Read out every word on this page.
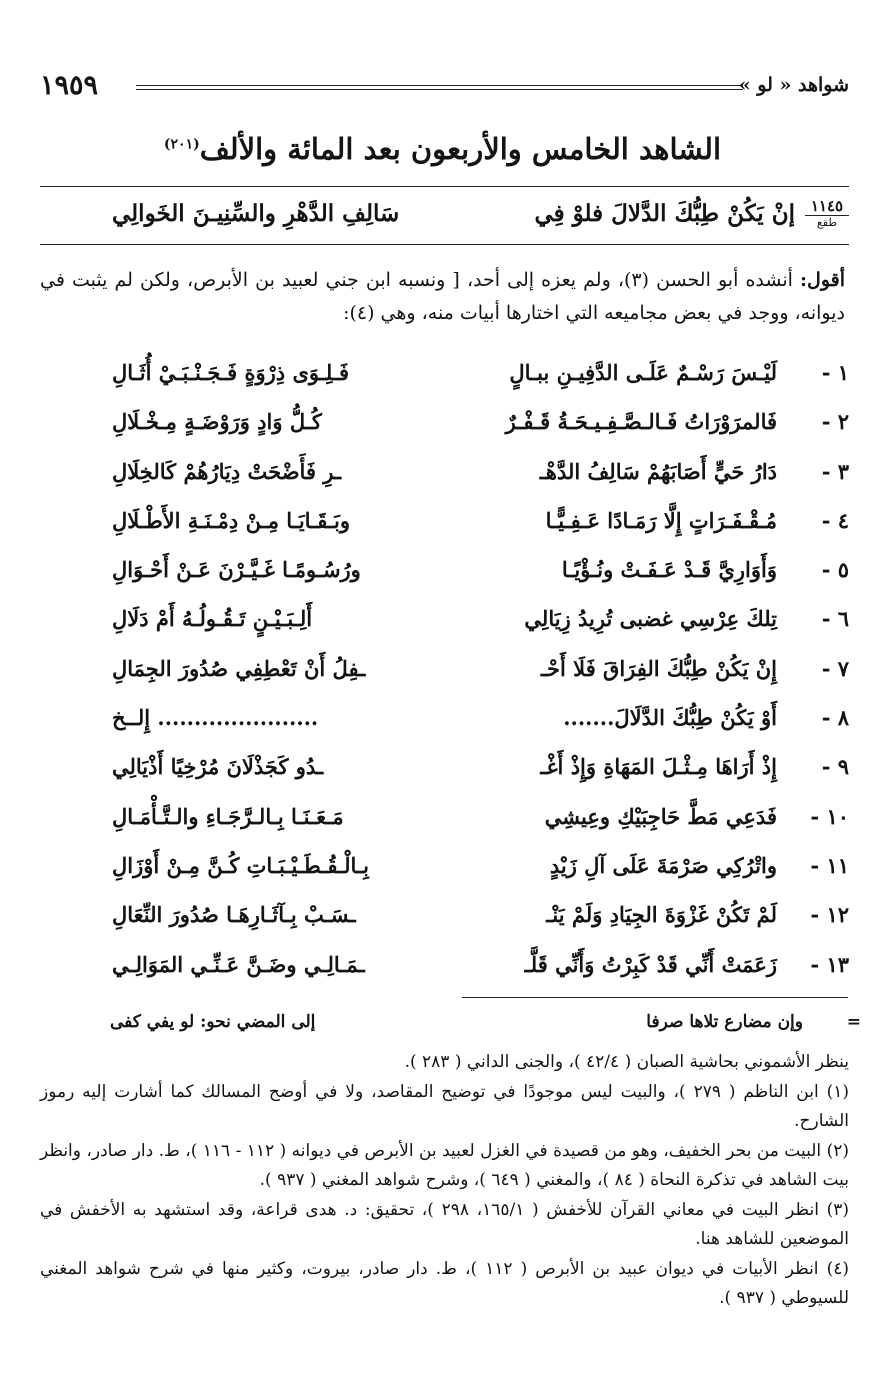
شواهد « لو »
١٩٥٩
الشاهد الخامس والأربعون بعد المائة والألف$^{(٢٠١)}$
١١٤٥
طقع
إنْ يَكُنْ طِبُّكَ الدَّلالَ فلوْ فِي
سَالِفِ الدَّهْرِ والسِّنِيـنَ الخَوالِي
أقول: أنشده أبو الحسن (٣)، ولم يعزه إلى أحد، [ ونسبه ابن جني لعبيد بن الأبرص، ولكن لم يثبت في ديوانه، ووجد في بعض مجاميعه التي اختارها أبيات منه، وهي (٤):
١ -
لَيْـسَ رَسْـمٌ عَلَـى الدَّفِيـنِ ببـالٍ
فَـلِـوَى ذِرْوَةٍ فَـجَـنْـبَـيْ أُثَـالِ
٢ -
فَالمرَوْرَاتُ فَـالـصَّـفِـيـحَـةُ قَـفْـرٌ
كُـلُّ وَادٍ وَرَوْضَـةٍ مِـخْـلَالِ
٣ -
دَارُ حَيٍّ أَصَابَهُمْ سَالِفُ الدَّهْـ
ـرِ فَأَضْحَتْ دِيَارُهُمْ كَالخِلَالِ
٤ -
مُـقْـفَـرَاتٍ إِلَّا رَمَـادًا عَـفِـيًّـا
وبَـقَـايَـا مِـنْ دِمْـنَـةِ الأَطْـلَالِ
٥ -
وَأَوَارِيَّ قَـدْ عَـفَـتْ ونُـؤْيًـا
ورُسُـومًـا غَـيَّـرْنَ عَـنْ أَحْـوَالِ
٦ -
تِلكَ عِرْسِي غضبى تُرِيدُ زِيَالِي
أَلِـبَـيْـنٍ تَـقُـولُـهُ أَمْ دَلَالِ
٧ -
إِنْ يَكُنْ طِبُّكَ الفِرَاقَ فَلَا أَحْـ
ـفِلُ أَنْ تَعْطِفِي صُدُورَ الجِمَالِ
٨ -
أَوْ يَكُنْ طِبُّكَ الدَّلَالَ.......
...................... إِلــخ
٩ -
إِذْ أَرَاهَا مِـثْـلَ المَهَاةِ وَإِذْ أَغْـ
ـدُو كَجَذْلَانَ مُرْخِيًا أَذْيَالِي
١٠ -
فَدَعِي مَطَّ حَاجِبَيْكِ وعِيشِي
مَـعَـنَـا بِـالـرَّجَـاءِ والـتَّـأْمَـالِ
١١ -
واتْرُكِي صَرْمَةَ عَلَى آلِ زَيْدٍ
بِـالْـقُـطَـيْـبَـاتِ كُـنَّ مِـنْ أَوْزَالِ
١٢ -
لَمْ تَكُنْ غَزْوَةَ الجِيَادِ وَلَمْ يَنْـ
ـسَـبْ بِـآثَـارِهَـا صُدُورَ النِّعَالِ
١٣ -
زَعَمَتْ أَنِّي قَدْ كَبِرْتُ وَأَنِّي قَلَّـ
ـمَـالِـي وضَـنَّ عَـنِّـي المَوَالِـي
=
وإن مضارع تلاها صرفا
إلى المضي نحو: لو يفي كفى

ينظر الأشموني بحاشية الصبان ( ٤٢/٤ )، والجنى الداني ( ٢٨٣ ).

(١) ابن الناظم ( ٢٧٩ )، والبيت ليس موجودًا في توضيح المقاصد، ولا في أوضح المسالك كما أشارت إليه رموز الشارح.

(٢) البيت من بحر الخفيف، وهو من قصيدة في الغزل لعبيد بن الأبرص في ديوانه ( ١١٢ - ١١٦ )، ط. دار صادر، وانظر بيت الشاهد في تذكرة النحاة ( ٨٤ )، والمغني ( ٦٤٩ )، وشرح شواهد المغني ( ٩٣٧ ).

(٣) انظر البيت في معاني القرآن للأخفش ( ١٦٥/١، ٢٩٨ )، تحقيق: د. هدى قراعة، وقد استشهد به الأخفش في الموضعين للشاهد هنا.

(٤) انظر الأبيات في ديوان عبيد بن الأبرص ( ١١٢ )، ط. دار صادر، بيروت، وكثير منها في شرح شواهد المغني للسيوطي ( ٩٣٧ ).
